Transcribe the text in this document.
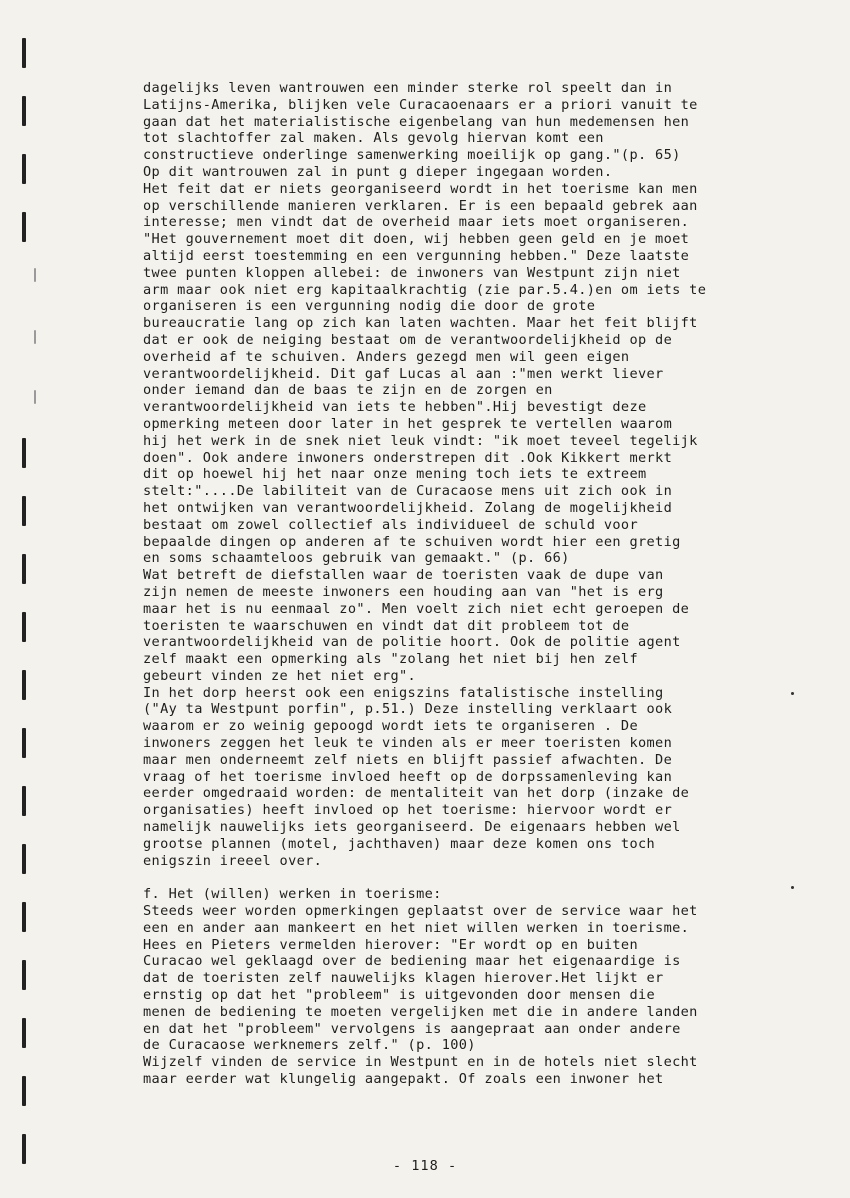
dagelijks leven wantrouwen een minder sterke rol speelt dan in
Latijns-Amerika, blijken vele Curacaoenaars er a priori vanuit te
gaan dat het materialistische eigenbelang van hun medemensen hen
tot slachtoffer zal maken. Als gevolg hiervan komt een
constructieve onderlinge samenwerking moeilijk op gang."(p. 65)
Op dit wantrouwen zal in punt g dieper ingegaan worden.
Het feit dat er niets georganiseerd wordt in het toerisme kan men
op verschillende manieren verklaren. Er is een bepaald gebrek aan
interesse; men vindt dat de overheid maar iets moet organiseren.
"Het gouvernement moet dit doen, wij hebben geen geld en je moet
altijd eerst toestemming en een vergunning hebben." Deze laatste
twee punten kloppen allebei: de inwoners van Westpunt zijn niet
arm maar ook niet erg kapitaalkrachtig (zie par.5.4.)en om iets te
organiseren is een vergunning nodig die door de grote
bureaucratie lang op zich kan laten wachten. Maar het feit blijft
dat er ook de neiging bestaat om de verantwoordelijkheid op de
overheid af te schuiven. Anders gezegd men wil geen eigen
verantwoordelijkheid. Dit gaf Lucas al aan :"men werkt liever
onder iemand dan de baas te zijn en de zorgen en
verantwoordelijkheid van iets te hebben".Hij bevestigt deze
opmerking meteen door later in het gesprek te vertellen waarom
hij het werk in de snek niet leuk vindt: "ik moet teveel tegelijk
doen". Ook andere inwoners onderstrepen dit .Ook Kikkert merkt
dit op hoewel hij het naar onze mening toch iets te extreem
stelt:"....De labiliteit van de Curacaose mens uit zich ook in
het ontwijken van verantwoordelijkheid. Zolang de mogelijkheid
bestaat om zowel collectief als individueel de schuld voor
bepaalde dingen op anderen af te schuiven wordt hier een gretig
en soms schaamteloos gebruik van gemaakt." (p. 66)
Wat betreft de diefstallen waar de toeristen vaak de dupe van
zijn nemen de meeste inwoners een houding aan van "het is erg
maar het is nu eenmaal zo". Men voelt zich niet echt geroepen de
toeristen te waarschuwen en vindt dat dit probleem tot de
verantwoordelijkheid van de politie hoort. Ook de politie agent
zelf maakt een opmerking als "zolang het niet bij hen zelf
gebeurt vinden ze het niet erg".
In het dorp heerst ook een enigszins fatalistische instelling
("Ay ta Westpunt porfin", p.51.) Deze instelling verklaart ook
waarom er zo weinig gepoogd wordt iets te organiseren . De
inwoners zeggen het leuk te vinden als er meer toeristen komen
maar men onderneemt zelf niets en blijft passief afwachten. De
vraag of het toerisme invloed heeft op de dorpssamenleving kan
eerder omgedraaid worden: de mentaliteit van het dorp (inzake de
organisaties) heeft invloed op het toerisme: hiervoor wordt er
namelijk nauwelijks iets georganiseerd. De eigenaars hebben wel
grootse plannen (motel, jachthaven) maar deze komen ons toch
enigszin ireeel over.
f. Het (willen) werken in toerisme:
Steeds weer worden opmerkingen geplaatst over de service waar het
een en ander aan mankeert en het niet willen werken in toerisme.
Hees en Pieters vermelden hierover: "Er wordt op en buiten
Curacao wel geklaagd over de bediening maar het eigenaardige is
dat de toeristen zelf nauwelijks klagen hierover.Het lijkt er
ernstig op dat het "probleem" is uitgevonden door mensen die
menen de bediening te moeten vergelijken met die in andere landen
en dat het "probleem" vervolgens is aangepraat aan onder andere
de Curacaose werknemers zelf." (p. 100)
Wijzelf vinden de service in Westpunt en in de hotels niet slecht
maar eerder wat klungelig aangepakt. Of zoals een inwoner het
- 118 -
